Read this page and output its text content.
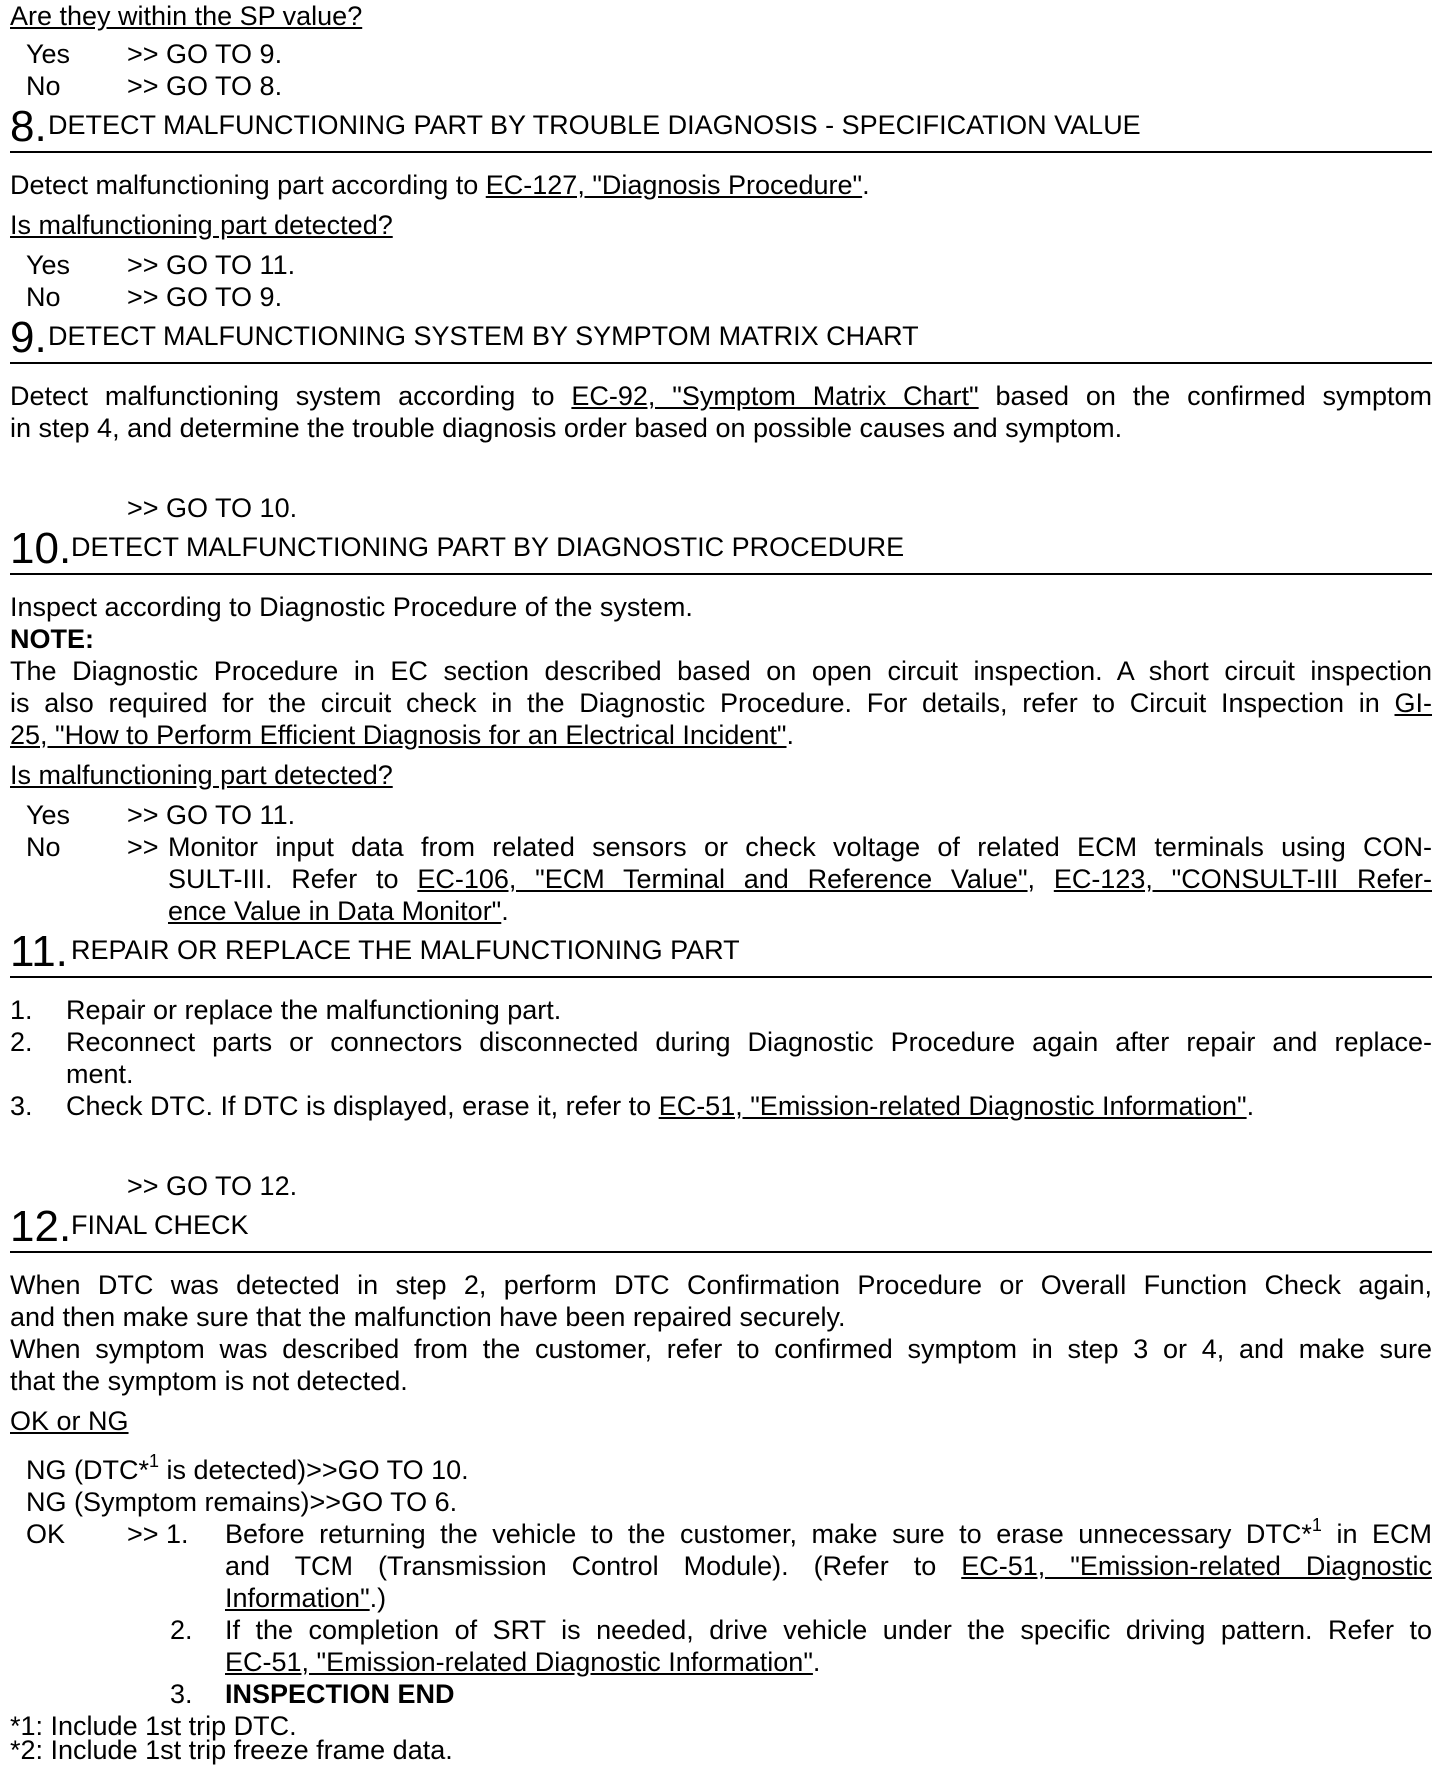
Are they within the SP value?
Yes >> GO TO 9.
No >> GO TO 8.
8. DETECT MALFUNCTIONING PART BY TROUBLE DIAGNOSIS - SPECIFICATION VALUE
Detect malfunctioning part according to EC-127, "Diagnosis Procedure".
Is malfunctioning part detected?
Yes >> GO TO 11.
No >> GO TO 9.
9. DETECT MALFUNCTIONING SYSTEM BY SYMPTOM MATRIX CHART
Detect malfunctioning system according to EC-92, "Symptom Matrix Chart" based on the confirmed symptom
in step 4, and determine the trouble diagnosis order based on possible causes and symptom.
>> GO TO 10.
10. DETECT MALFUNCTIONING PART BY DIAGNOSTIC PROCEDURE
Inspect according to Diagnostic Procedure of the system.
NOTE:
The Diagnostic Procedure in EC section described based on open circuit inspection. A short circuit inspection
is also required for the circuit check in the Diagnostic Procedure. For details, refer to Circuit Inspection in GI-
25, "How to Perform Efficient Diagnosis for an Electrical Incident".
Is malfunctioning part detected?
Yes >> GO TO 11.
No >> Monitor input data from related sensors or check voltage of related ECM terminals using CON-
SULT-III. Refer to EC-106, "ECM Terminal and Reference Value", EC-123, "CONSULT-III Refer-
ence Value in Data Monitor".
11. REPAIR OR REPLACE THE MALFUNCTIONING PART
1. Repair or replace the malfunctioning part.
2. Reconnect parts or connectors disconnected during Diagnostic Procedure again after repair and replace-
ment.
3. Check DTC. If DTC is displayed, erase it, refer to EC-51, "Emission-related Diagnostic Information".
>> GO TO 12.
12. FINAL CHECK
When DTC was detected in step 2, perform DTC Confirmation Procedure or Overall Function Check again,
and then make sure that the malfunction have been repaired securely.
When symptom was described from the customer, refer to confirmed symptom in step 3 or 4, and make sure
that the symptom is not detected.
OK or NG
NG (DTC*$^1$ is detected)>>GO TO 10.
NG (Symptom remains)>>GO TO 6.
OK >> 1. Before returning the vehicle to the customer, make sure to erase unnecessary DTC*$^1$ in ECM
and TCM (Transmission Control Module). (Refer to EC-51, "Emission-related Diagnostic
Information".)
2. If the completion of SRT is needed, drive vehicle under the specific driving pattern. Refer to
EC-51, "Emission-related Diagnostic Information".
3. INSPECTION END
*1: Include 1st trip DTC.
*2: Include 1st trip freeze frame data.
